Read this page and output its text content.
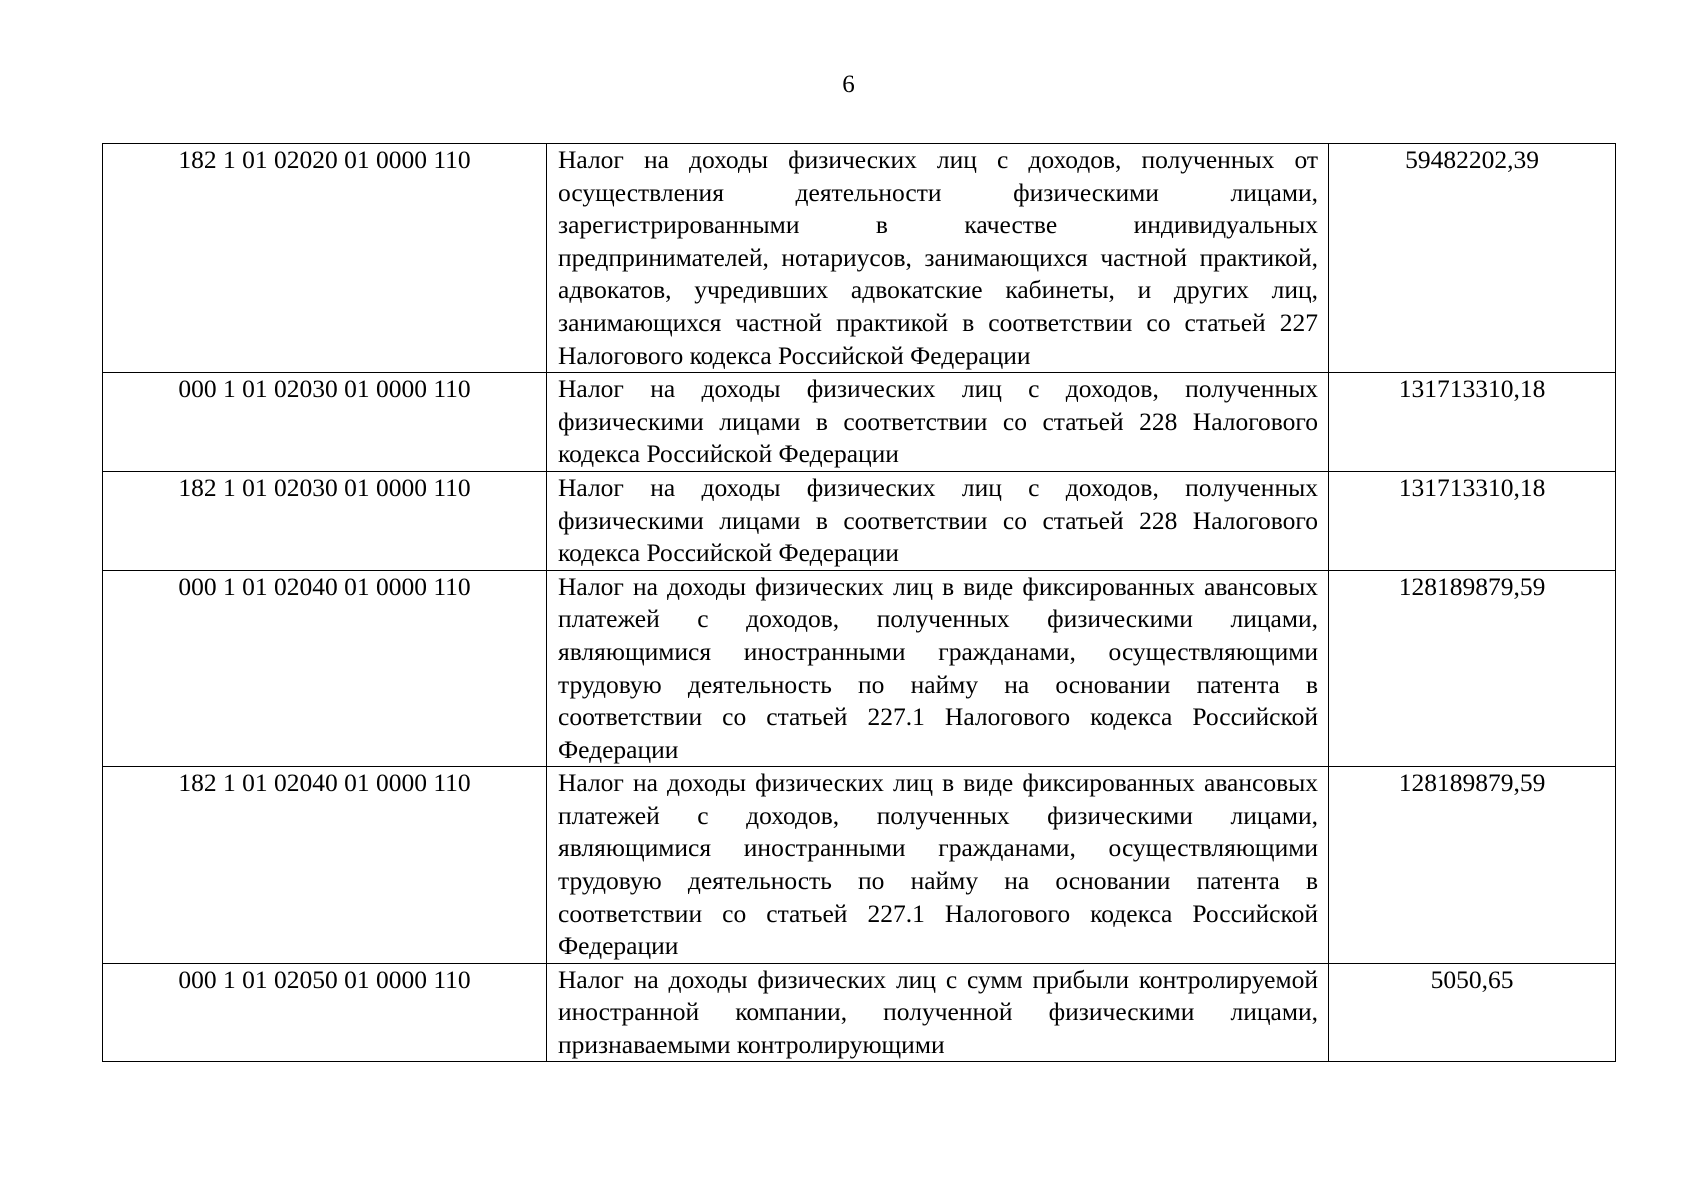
6
182 1 01 02020 01 0000 110	Налог на доходы физических лиц с доходов, полученных от осуществления деятельности физическими лицами, зарегистрированными в качестве индивидуальных предпринимателей, нотариусов, занимающихся частной практикой, адвокатов, учредивших адвокатские кабинеты, и других лиц, занимающихся частной практикой в соответствии со статьей 227 Налогового кодекса Российской Федерации	59482202,39
000 1 01 02030 01 0000 110	Налог на доходы физических лиц с доходов, полученных физическими лицами в соответствии со статьей 228 Налогового кодекса Российской Федерации	131713310,18
182 1 01 02030 01 0000 110	Налог на доходы физических лиц с доходов, полученных физическими лицами в соответствии со статьей 228 Налогового кодекса Российской Федерации	131713310,18
000 1 01 02040 01 0000 110	Налог на доходы физических лиц в виде фиксированных авансовых платежей с доходов, полученных физическими лицами, являющимися иностранными гражданами, осуществляющими трудовую деятельность по найму на основании патента в соответствии со статьей 227.1 Налогового кодекса Российской Федерации	128189879,59
182 1 01 02040 01 0000 110	Налог на доходы физических лиц в виде фиксированных авансовых платежей с доходов, полученных физическими лицами, являющимися иностранными гражданами, осуществляющими трудовую деятельность по найму на основании патента в соответствии со статьей 227.1 Налогового кодекса Российской Федерации	128189879,59

000 1 01 02050 01 0000 110	Налог на доходы физических лиц с сумм прибыли контролируемой иностранной компании, полученной физическими лицами, признаваемыми контролирующими	5050,65
